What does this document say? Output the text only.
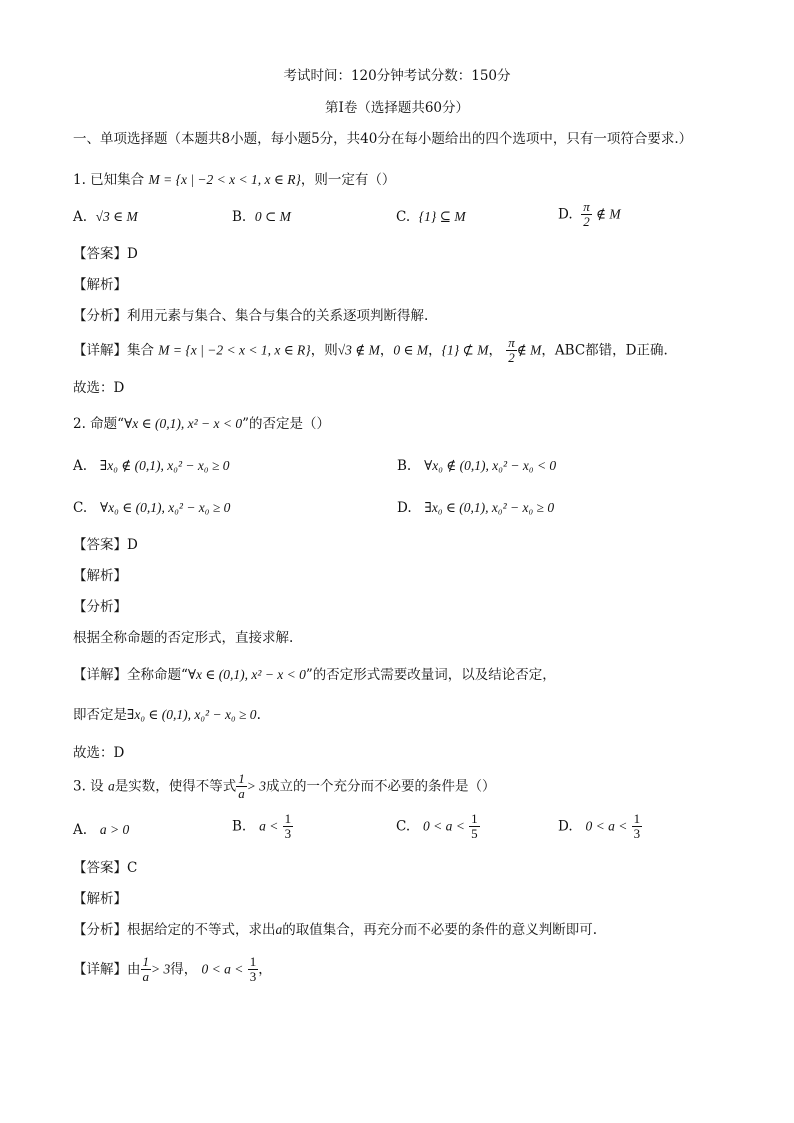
考试时间：120分钟考试分数：150分
第Ⅰ卷（选择题共60分）
一、单项选择题（本题共8小题，每小题5分，共40分在每小题给出的四个选项中，只有一项符合要求.）
1. 已知集合 M = {x | −2 < x < 1, x ∈ R}，则一定有（）
A. √3 ∈ M	B. 0 ⊂ M	C. {1} ⊆ M	D. $\frac{\pi}{2}$ ∉ M
【答案】D
【解析】
【分析】利用元素与集合、集合与集合的关系逐项判断得解.
【详解】集合 M = {x | −2 < x < 1, x ∈ R}，则√3 ∉ M，0 ∈ M，{1} ⊄ M， $\frac{\pi}{2}$ ∉ M，ABC都错，D正确.
故选：D
2. 命题“∀x ∈ (0,1), x² − x < 0”的否定是（）
A. ∃x₀ ∉ (0,1), x₀² − x₀ ≥ 0	B. ∀x₀ ∉ (0,1), x₀² − x₀ < 0
C. ∀x₀ ∈ (0,1), x₀² − x₀ ≥ 0	D. ∃x₀ ∈ (0,1), x₀² − x₀ ≥ 0
【答案】D
【解析】
【分析】
根据全称命题的否定形式，直接求解.
【详解】全称命题“∀x ∈ (0,1), x² − x < 0”的否定形式需要改量词，以及结论否定，
即否定是∃x₀ ∈ (0,1), x₀² − x₀ ≥ 0.
故选：D
3. 设 a是实数，使得不等式 $\frac{1}{a} > 3$成立的一个充分而不必要的条件是（）
A. a > 0	B. $a < \frac{1}{3}$	C. $0 < a < \frac{1}{5}$	D. $0 < a < \frac{1}{3}$
【答案】C
【解析】
【分析】根据给定的不等式，求出a的取值集合，再充分而不必要的条件的意义判断即可.
【详解】由 $\frac{1}{a} > 3$得， $0 < a < \frac{1}{3}$ ，
